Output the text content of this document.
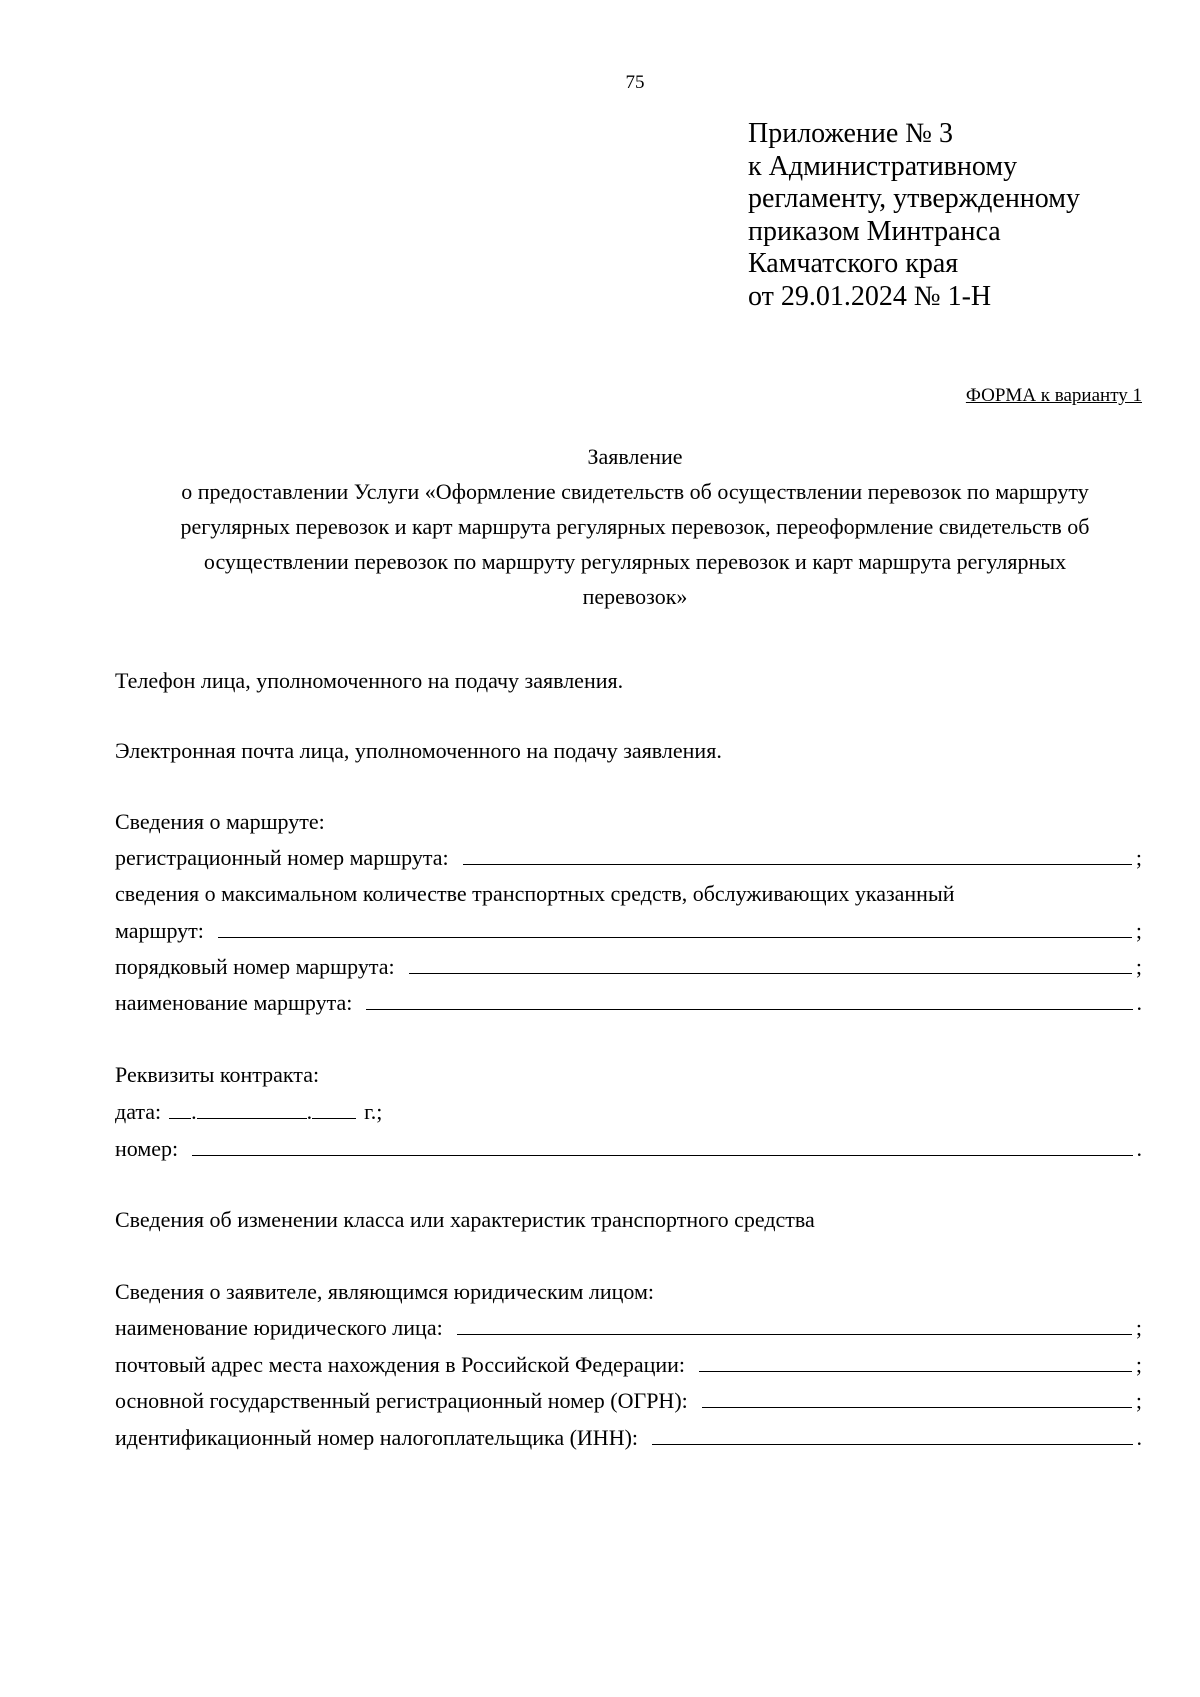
75
Приложение № 3
к Административному
регламенту, утвержденному
приказом Минтранса
Камчатского края
от 29.01.2024 № 1-Н
ФОРМА к варианту 1
Заявление
о предоставлении Услуги «Оформление свидетельств об осуществлении перевозок по маршруту
регулярных перевозок и карт маршрута регулярных перевозок, переоформление свидетельств об
осуществлении перевозок по маршруту регулярных перевозок и карт маршрута регулярных
перевозок»
Телефон лица, уполномоченного на подачу заявления.
Электронная почта лица, уполномоченного на подачу заявления.
Сведения о маршруте:
регистрационный номер маршрута:	;
сведения о максимальном количестве транспортных средств, обслуживающих указанный
маршрут:	;
порядковый номер маршрута:	;
наименование маршрута:	.
Реквизиты контракта:
дата: .	. г.;
номер:	.
Сведения об изменении класса или характеристик транспортного средства
Сведения о заявителе, являющимся юридическим лицом:
наименование юридического лица:	;
почтовый адрес места нахождения в Российской Федерации:	;
основной государственный регистрационный номер (ОГРН):	;
идентификационный номер налогоплательщика (ИНН):	.
